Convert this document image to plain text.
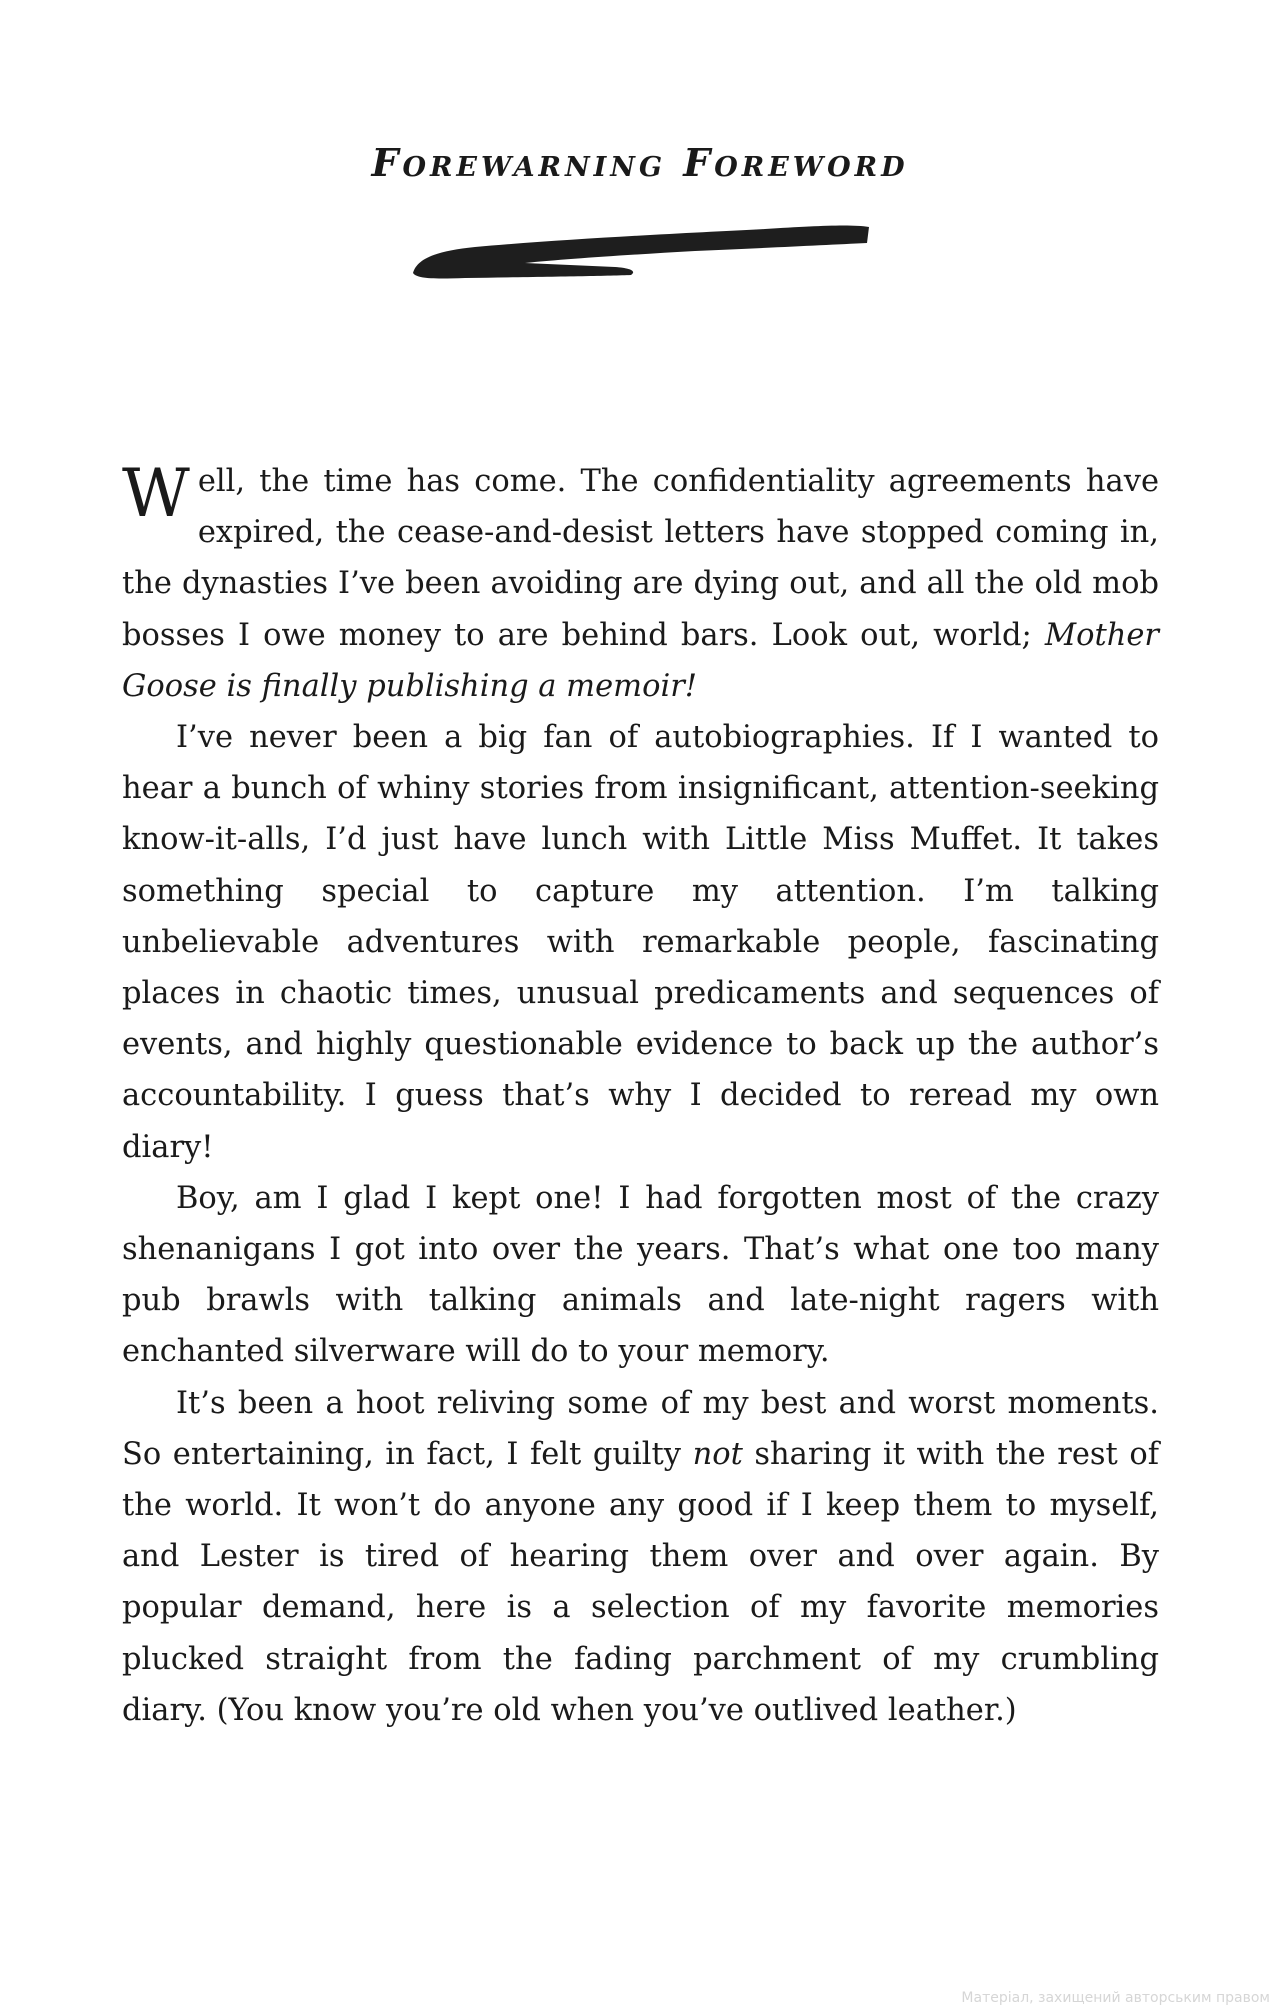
Forewarning Foreword

Well, the time has come. The confidentiality agreements have expired, the cease-and-desist letters have stopped coming in, the dynasties I’ve been avoiding are dying out, and all the old mob bosses I owe money to are behind bars. Look out, world; Mother Goose is finally publishing a memoir!

I’ve never been a big fan of autobiographies. If I wanted to hear a bunch of whiny stories from insignificant, attention-seeking know-it-alls, I’d just have lunch with Little Miss Muffet. It takes something special to capture my attention. I’m talking unbelievable adventures with remarkable people, fascinating places in chaotic times, unusual predicaments and sequences of events, and highly questionable evidence to back up the author’s accountability. I guess that’s why I decided to reread my own diary!

Boy, am I glad I kept one! I had forgotten most of the crazy shenanigans I got into over the years. That’s what one too many pub brawls with talking animals and late-night ragers with enchanted silverware will do to your memory.

It’s been a hoot reliving some of my best and worst moments. So entertaining, in fact, I felt guilty not sharing it with the rest of the world. It won’t do anyone any good if I keep them to myself, and Lester is tired of hearing them over and over again. By popular demand, here is a selection of my favorite memories plucked straight from the fading parchment of my crumbling diary. (You know you’re old when you’ve outlived leather.)

Матеріал, захищений авторським правом
